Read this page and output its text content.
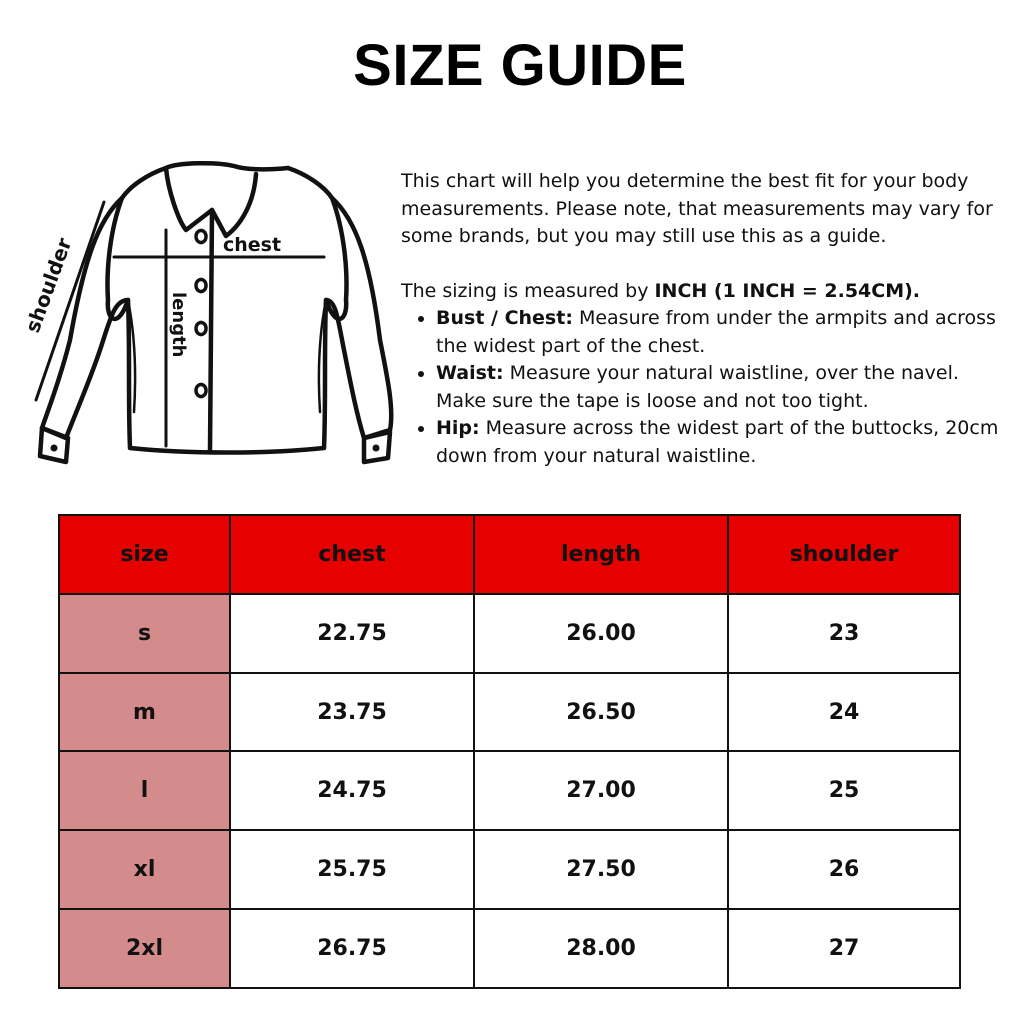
SIZE GUIDE
chest
length
shoulder

This chart will help you determine the best fit for your body measurements. Please note, that measurements may vary for some brands, but you may still use this as a guide.

The sizing is measured by INCH (1 INCH = 2.54CM).

• Bust / Chest: Measure from under the armpits and across the widest part of the chest.
• Waist: Measure your natural waistline, over the navel. Make sure the tape is loose and not too tight.
• Hip: Measure across the widest part of the buttocks, 20cm down from your natural waistline.
size	chest	length	shoulder
s	22.75	26.00	23
m	23.75	26.50	24
l	24.75	27.00	25
xl	25.75	27.50	26
2xl	26.75	28.00	27
